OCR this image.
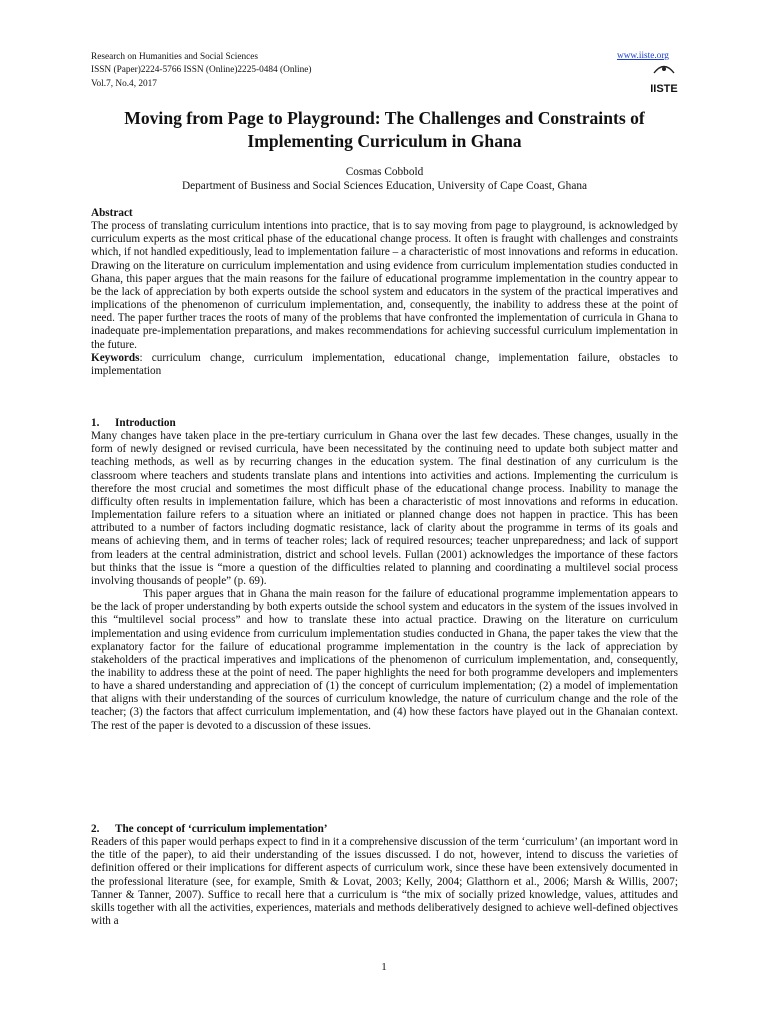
Research on Humanities and Social Sciences
ISSN (Paper)2224-5766 ISSN (Online)2225-0484 (Online)
Vol.7, No.4, 2017
www.iiste.org
IISTE
Moving from Page to Playground: The Challenges and Constraints of Implementing Curriculum in Ghana
Cosmas Cobbold
Department of Business and Social Sciences Education, University of Cape Coast, Ghana
Abstract

The process of translating curriculum intentions into practice, that is to say moving from page to playground, is acknowledged by curriculum experts as the most critical phase of the educational change process. It often is fraught with challenges and constraints which, if not handled expeditiously, lead to implementation failure – a characteristic of most innovations and reforms in education. Drawing on the literature on curriculum implementation and using evidence from curriculum implementation studies conducted in Ghana, this paper argues that the main reasons for the failure of educational programme implementation in the country appear to be the lack of appreciation by both experts outside the school system and educators in the system of the practical imperatives and implications of the phenomenon of curriculum implementation, and, consequently, the inability to address these at the point of need. The paper further traces the roots of many of the problems that have confronted the implementation of curricula in Ghana to inadequate pre-implementation preparations, and makes recommendations for achieving successful curriculum implementation in the future.

Keywords: curriculum change, curriculum implementation, educational change, implementation failure, obstacles to implementation

1. Introduction

Many changes have taken place in the pre-tertiary curriculum in Ghana over the last few decades. These changes, usually in the form of newly designed or revised curricula, have been necessitated by the continuing need to update both subject matter and teaching methods, as well as by recurring changes in the education system. The final destination of any curriculum is the classroom where teachers and students translate plans and intentions into activities and actions. Implementing the curriculum is therefore the most crucial and sometimes the most difficult phase of the educational change process. Inability to manage the difficulty often results in implementation failure, which has been a characteristic of most innovations and reforms in education. Implementation failure refers to a situation where an initiated or planned change does not happen in practice. This has been attributed to a number of factors including dogmatic resistance, lack of clarity about the programme in terms of its goals and means of achieving them, and in terms of teacher roles; lack of required resources; teacher unpreparedness; and lack of support from leaders at the central administration, district and school levels. Fullan (2001) acknowledges the importance of these factors but thinks that the issue is “more a question of the difficulties related to planning and coordinating a multilevel social process involving thousands of people” (p. 69).

This paper argues that in Ghana the main reason for the failure of educational programme implementation appears to be the lack of proper understanding by both experts outside the school system and educators in the system of the issues involved in this “multilevel social process” and how to translate these into actual practice. Drawing on the literature on curriculum implementation and using evidence from curriculum implementation studies conducted in Ghana, the paper takes the view that the explanatory factor for the failure of educational programme implementation in the country is the lack of appreciation by stakeholders of the practical imperatives and implications of the phenomenon of curriculum implementation, and, consequently, the inability to address these at the point of need. The paper highlights the need for both programme developers and implementers to have a shared understanding and appreciation of (1) the concept of curriculum implementation; (2) a model of implementation that aligns with their understanding of the sources of curriculum knowledge, the nature of curriculum change and the role of the teacher; (3) the factors that affect curriculum implementation, and (4) how these factors have played out in the Ghanaian context. The rest of the paper is devoted to a discussion of these issues.

2. The concept of ‘curriculum implementation’

Readers of this paper would perhaps expect to find in it a comprehensive discussion of the term ‘curriculum’ (an important word in the title of the paper), to aid their understanding of the issues discussed. I do not, however, intend to discuss the varieties of definition offered or their implications for different aspects of curriculum work, since these have been extensively documented in the professional literature (see, for example, Smith & Lovat, 2003; Kelly, 2004; Glatthorn et al., 2006; Marsh & Willis, 2007; Tanner & Tanner, 2007). Suffice to recall here that a curriculum is “the mix of socially prized knowledge, values, attitudes and skills together with all the activities, experiences, materials and methods deliberatively designed to achieve well-defined objectives with a

1
